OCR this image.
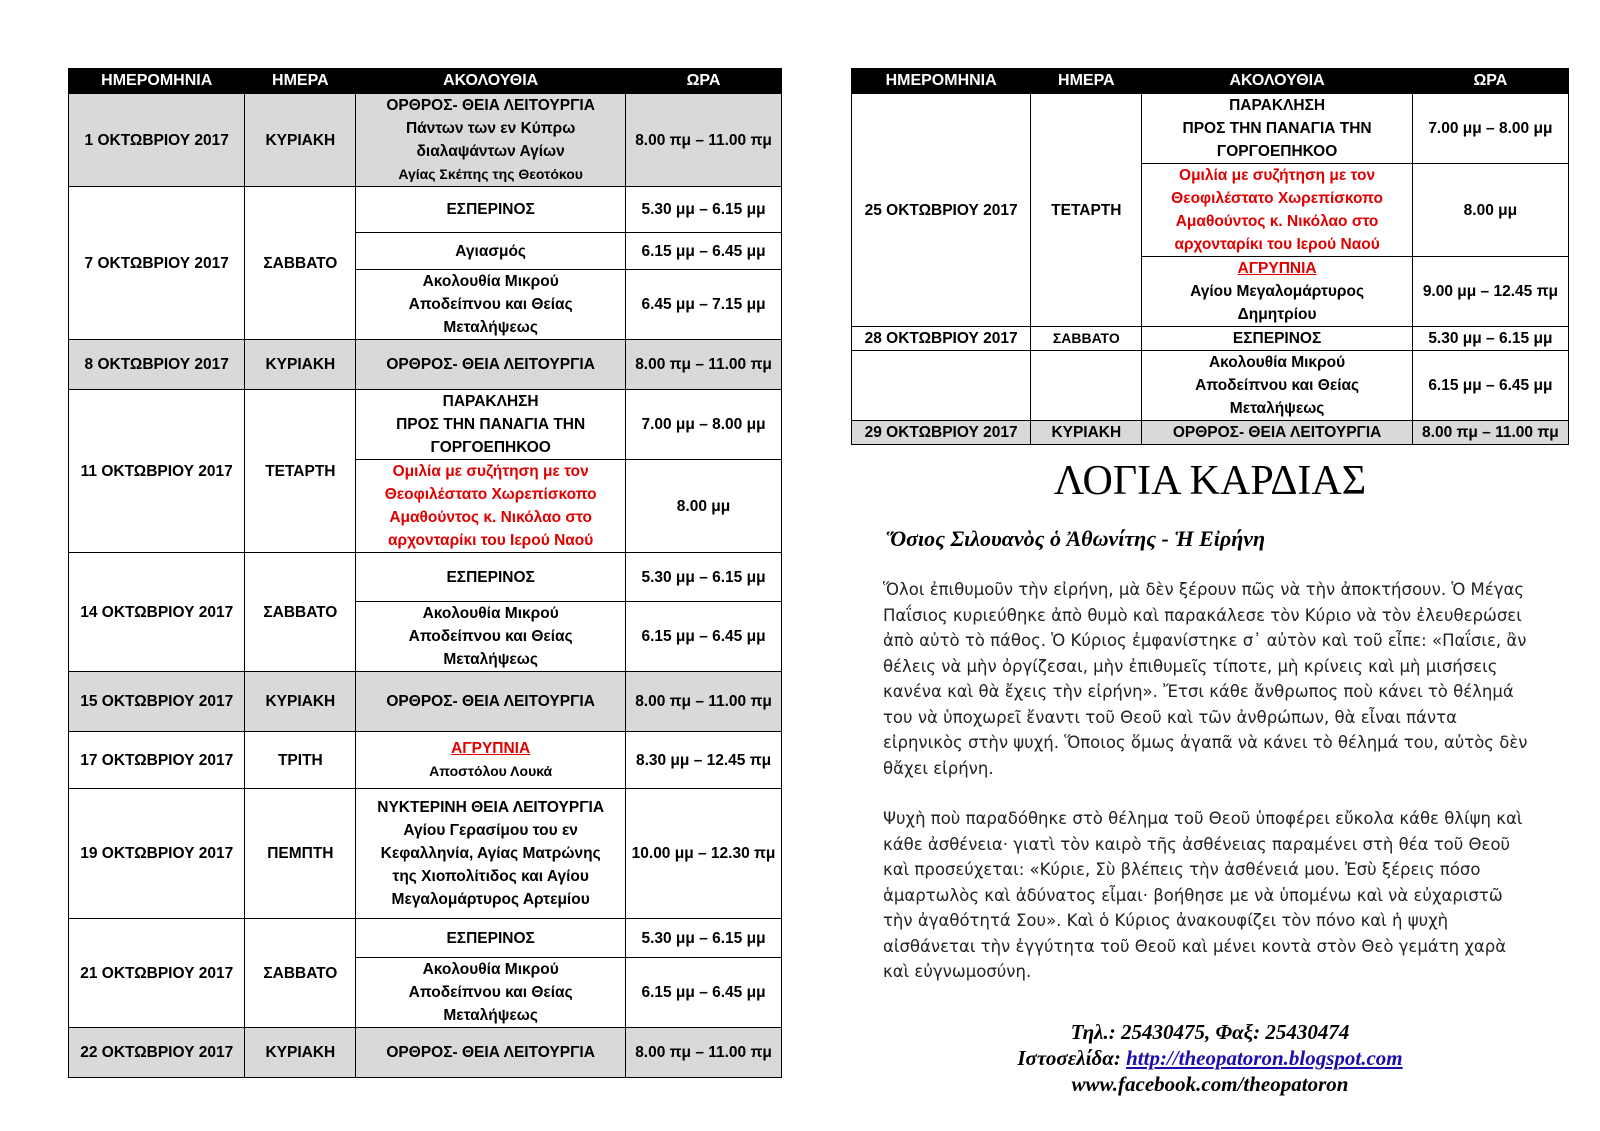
ΗΜΕΡΟΜΗΝΙΑ	ΗΜΕΡΑ	ΑΚΟΛΟΥΘΙΑ	ΩΡΑ
1 ΟΚΤΩΒΡΙΟΥ 2017	ΚΥΡΙΑΚΗ	ΟΡΘΡΟΣ- ΘΕΙΑ ΛΕΙΤΟΥΡΓΙΑ
Πάντων των εν Κύπρω
διαλαψάντων Αγίων

Αγίας Σκέπης της Θεοτόκου	8.00 πμ – 11.00 πμ
7 ΟΚΤΩΒΡΙΟΥ 2017	ΣΑΒΒΑΤΟ	ΕΣΠΕΡΙΝΟΣ	5.30 μμ – 6.15 μμ
		Αγιασμός	6.15 μμ – 6.45 μμ
		Ακολουθία Μικρού
Αποδείπνου και Θείας
Μεταλήψεως	6.45 μμ – 7.15 μμ
8 ΟΚΤΩΒΡΙΟΥ 2017	ΚΥΡΙΑΚΗ	ΟΡΘΡΟΣ- ΘΕΙΑ ΛΕΙΤΟΥΡΓΙΑ	8.00 πμ – 11.00 πμ
11 ΟΚΤΩΒΡΙΟΥ 2017	ΤΕΤΑΡΤΗ	ΠΑΡΑΚΛΗΣΗ
ΠΡΟΣ ΤΗΝ ΠΑΝΑΓΙΑ ΤΗΝ
ΓΟΡΓΟΕΠΗΚΟΟ	7.00 μμ – 8.00 μμ
		Ομιλία με συζήτηση με τον
Θεοφιλέστατο Χωρεπίσκοπο
Αμαθούντος κ. Νικόλαο στο
αρχονταρίκι του Ιερού Ναού	8.00 μμ
14 ΟΚΤΩΒΡΙΟΥ 2017	ΣΑΒΒΑΤΟ	ΕΣΠΕΡΙΝΟΣ	5.30 μμ – 6.15 μμ
		Ακολουθία Μικρού
Αποδείπνου και Θείας
Μεταλήψεως	6.15 μμ – 6.45 μμ
15 ΟΚΤΩΒΡΙΟΥ 2017	ΚΥΡΙΑΚΗ	ΟΡΘΡΟΣ- ΘΕΙΑ ΛΕΙΤΟΥΡΓΙΑ	8.00 πμ – 11.00 πμ
17 ΟΚΤΩΒΡΙΟΥ 2017	ΤΡΙΤΗ	ΑΓΡΥΠΝΙΑ

Αποστόλου Λουκά	8.30 μμ – 12.45 πμ
19 ΟΚΤΩΒΡΙΟΥ 2017	ΠΕΜΠΤΗ	ΝΥΚΤΕΡΙΝΗ ΘΕΙΑ ΛΕΙΤΟΥΡΓΙΑ
Αγίου Γερασίμου του εν
Κεφαλληνία, Αγίας Ματρώνης
της Χιοπολίτιδος και Αγίου
Μεγαλομάρτυρος Αρτεμίου	10.00 μμ – 12.30 πμ
21 ΟΚΤΩΒΡΙΟΥ 2017	ΣΑΒΒΑΤΟ	ΕΣΠΕΡΙΝΟΣ	5.30 μμ – 6.15 μμ
		Ακολουθία Μικρού
Αποδείπνου και Θείας
Μεταλήψεως	6.15 μμ – 6.45 μμ
22 ΟΚΤΩΒΡΙΟΥ 2017	ΚΥΡΙΑΚΗ	ΟΡΘΡΟΣ- ΘΕΙΑ ΛΕΙΤΟΥΡΓΙΑ	8.00 πμ – 11.00 πμ
ΗΜΕΡΟΜΗΝΙΑ	ΗΜΕΡΑ	ΑΚΟΛΟΥΘΙΑ	ΩΡΑ
25 ΟΚΤΩΒΡΙΟΥ 2017	ΤΕΤΑΡΤΗ	ΠΑΡΑΚΛΗΣΗ
ΠΡΟΣ ΤΗΝ ΠΑΝΑΓΙΑ ΤΗΝ
ΓΟΡΓΟΕΠΗΚΟΟ	7.00 μμ – 8.00 μμ
		Ομιλία με συζήτηση με τον
Θεοφιλέστατο Χωρεπίσκοπο
Αμαθούντος κ. Νικόλαο στο
αρχονταρίκι του Ιερού Ναού	8.00 μμ
		ΑΓΡΥΠΝΙΑ
Αγίου Μεγαλομάρτυρος
Δημητρίου	9.00 μμ – 12.45 πμ
28 ΟΚΤΩΒΡΙΟΥ 2017	ΣΑΒΒΑΤΟ	ΕΣΠΕΡΙΝΟΣ	5.30 μμ – 6.15 μμ
		Ακολουθία Μικρού
Αποδείπνου και Θείας
Μεταλήψεως	6.15 μμ – 6.45 μμ
29 ΟΚΤΩΒΡΙΟΥ 2017	ΚΥΡΙΑΚΗ	ΟΡΘΡΟΣ- ΘΕΙΑ ΛΕΙΤΟΥΡΓΙΑ	8.00 πμ – 11.00 πμ
ΛΟΓΙΑ ΚΑΡΔΙΑΣ
Ὅσιος Σιλουανὸς ὁ Ἀθωνίτης - Ἡ Εἰρήνη

Ὅλοι ἐπιθυμοῦν τὴν εἰρήνη, μὰ δὲν ξέρουν πῶς νὰ τὴν ἀποκτήσουν. Ὁ Μέγας Παΐσιος κυριεύθηκε ἀπὸ θυμὸ καὶ παρακάλεσε τὸν Κύριο νὰ τὸν ἐλευθερώσει ἀπὸ αὐτὸ τὸ πάθος. Ὁ Κύριος ἐμφανίστηκε σ᾽ αὐτὸν καὶ τοῦ εἶπε: «Παΐσιε, ἂν θέλεις νὰ μὴν ὀργίζεσαι, μὴν ἐπιθυμεῖς τίποτε, μὴ κρίνεις καὶ μὴ μισήσεις κανένα καὶ θὰ ἔχεις τὴν εἰρήνη». Ἔτσι κάθε ἄνθρωπος ποὺ κάνει τὸ θέλημά του νὰ ὑποχωρεῖ ἔναντι τοῦ Θεοῦ καὶ τῶν ἀνθρώπων, θὰ εἶναι πάντα εἰρηνικὸς στὴν ψυχή. Ὅποιος ὅμως ἀγαπᾶ νὰ κάνει τὸ θέλημά του, αὐτὸς δὲν θἄχει εἰρήνη.

Ψυχὴ ποὺ παραδόθηκε στὸ θέλημα τοῦ Θεοῦ ὑποφέρει εὔκολα κάθε θλίψη καὶ κάθε ἀσθένεια· γιατὶ τὸν καιρὸ τῆς ἀσθένειας παραμένει στὴ θέα τοῦ Θεοῦ καὶ προσεύχεται: «Κύριε, Σὺ βλέπεις τὴν ἀσθένειά μου. Ἐσὺ ξέρεις πόσο ἁμαρτωλὸς καὶ ἀδύνατος εἶμαι· βοήθησε με νὰ ὑπομένω καὶ νὰ εὐχαριστῶ τὴν ἀγαθότητά Σου». Καὶ ὁ Κύριος ἀνακουφίζει τὸν πόνο καὶ ἡ ψυχὴ αἰσθάνεται τὴν ἐγγύτητα τοῦ Θεοῦ καὶ μένει κοντὰ στὸν Θεὸ γεμάτη χαρὰ καὶ εὐγνωμοσύνη.

Τηλ.: 25430475, Φαξ: 25430474
Ιστοσελίδα: http://theopatoron.blogspot.com
www.facebook.com/theopatoron
